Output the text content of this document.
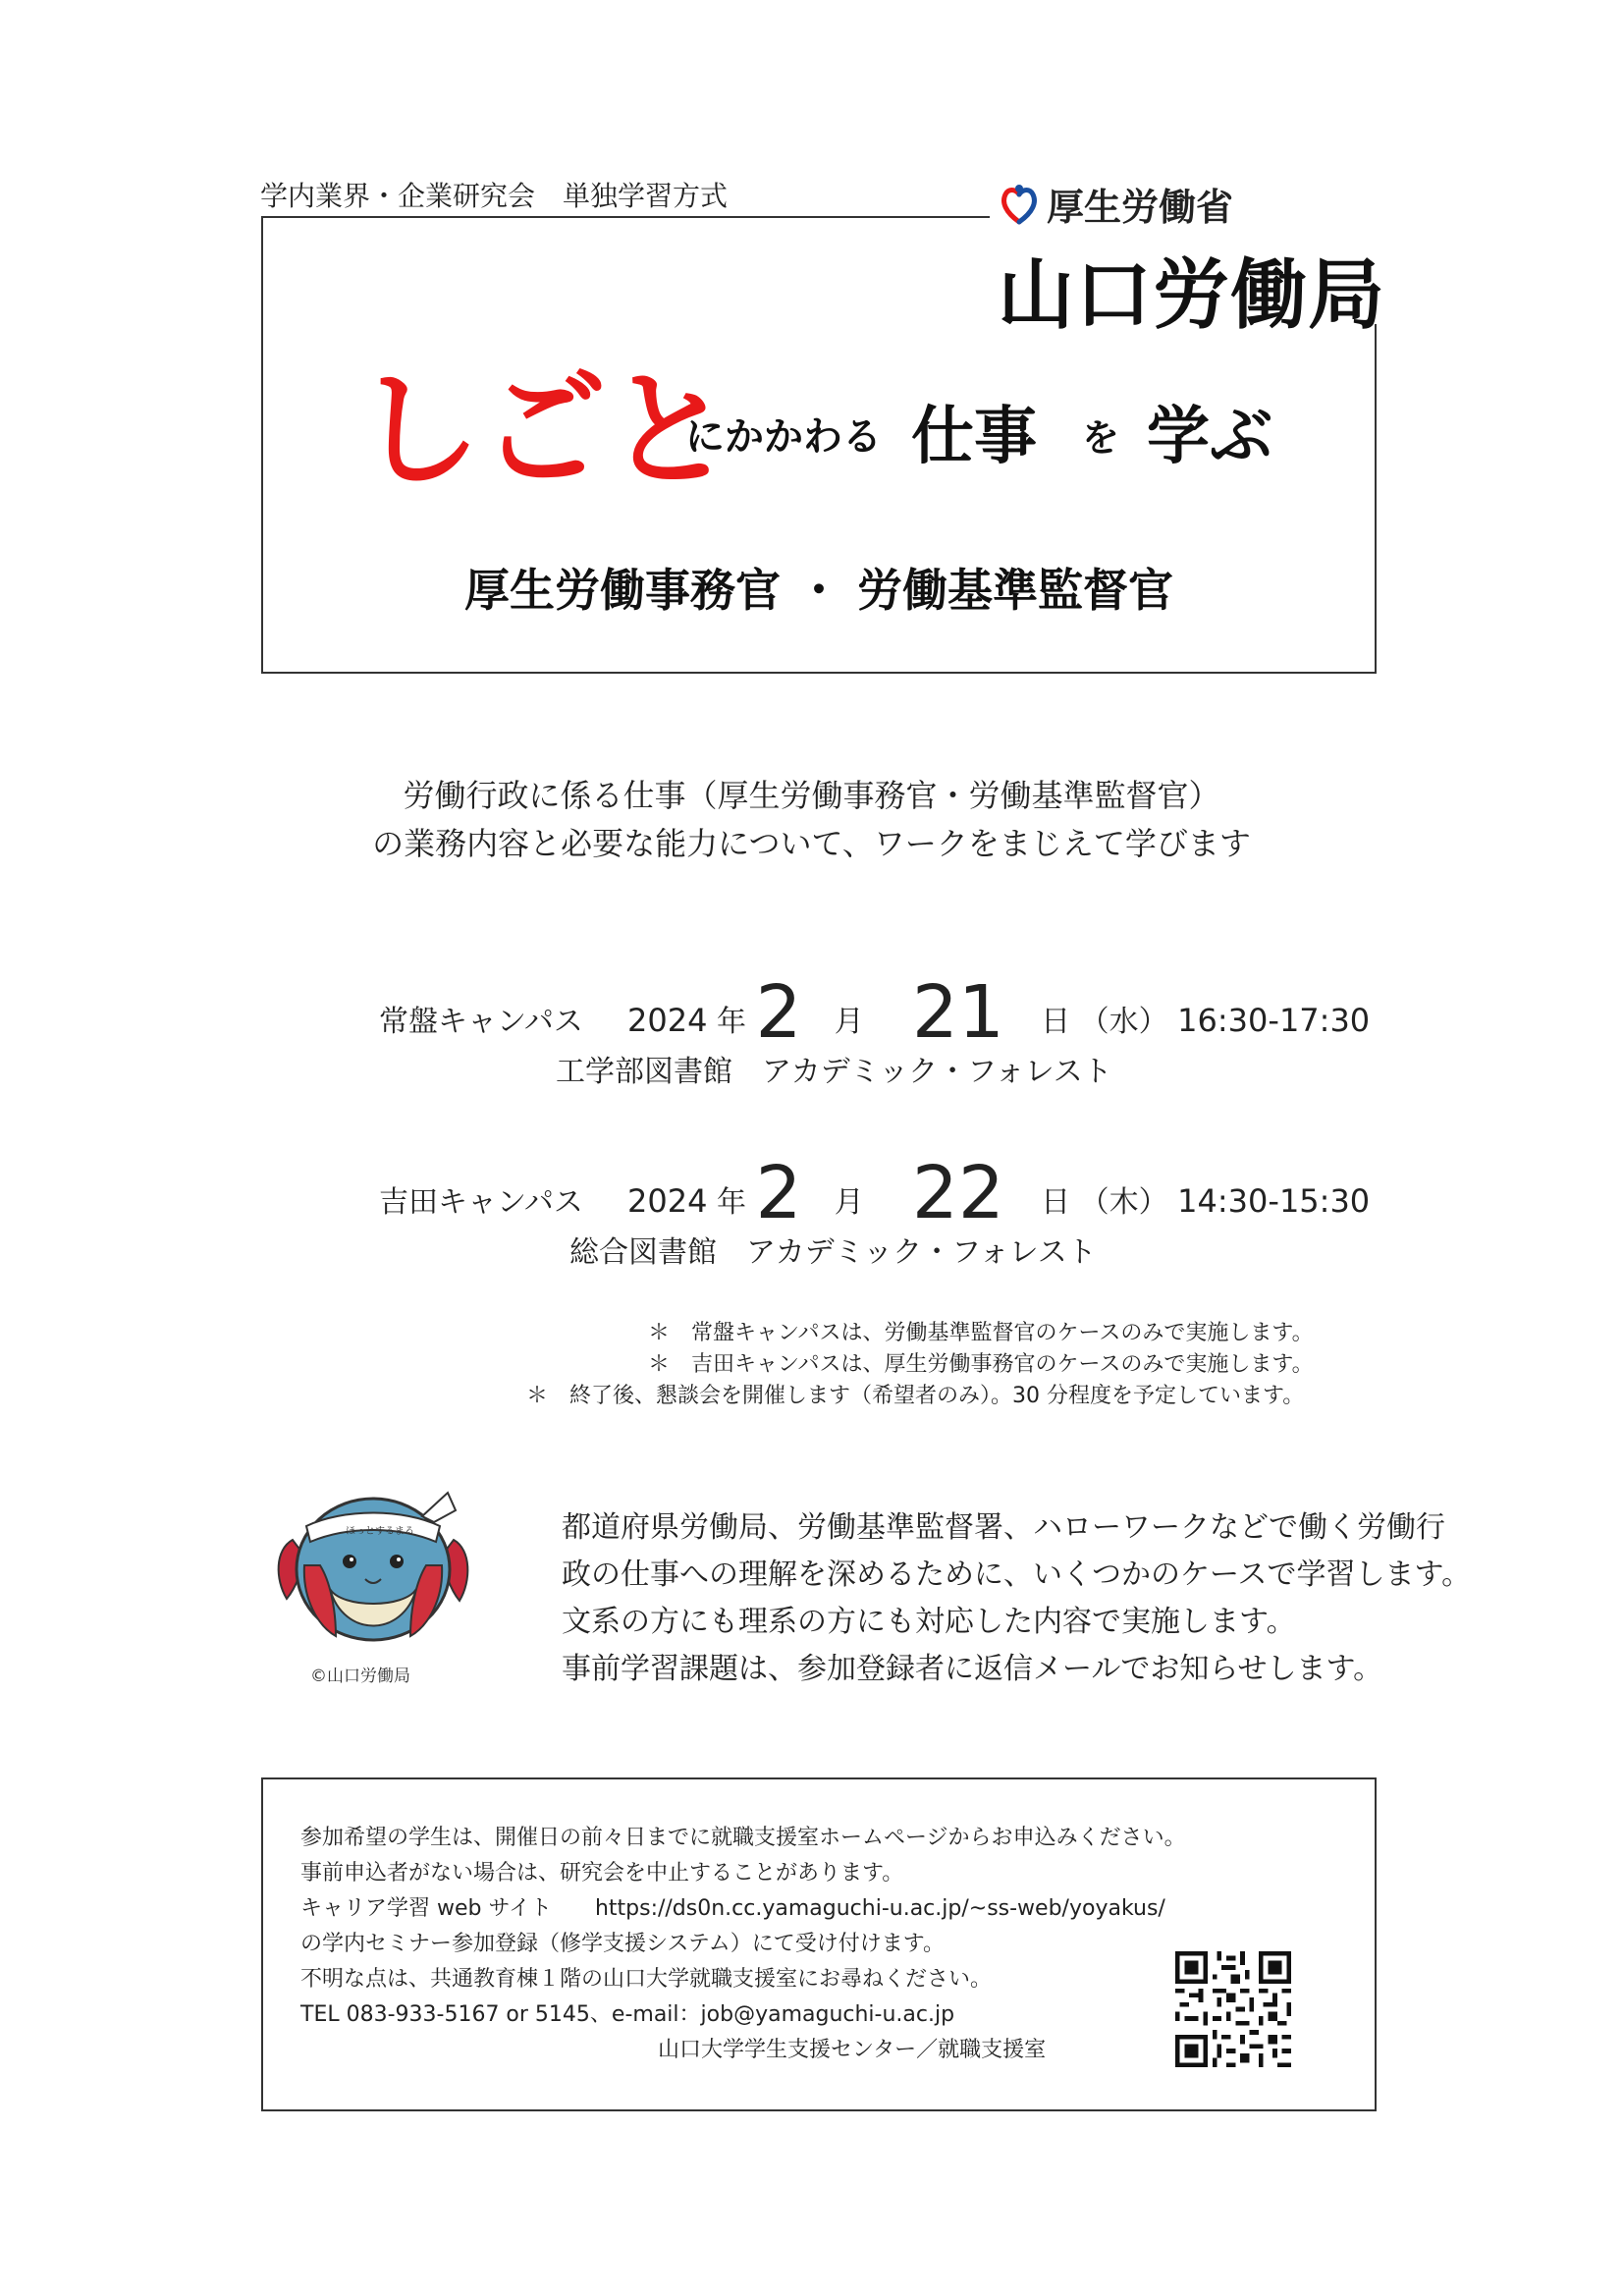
学内業界・企業研究会　単独学習方式	厚生労働省
山口労働局
しごと
にかかわる 仕事 を 学ぶ
厚生労働事務官 ・ 労働基準監督官
労働行政に係る仕事（厚生労働事務官・労働基準監督官）
の業務内容と必要な能力について、ワークをまじえて学びます
常盤キャンパス 2024 年 2 月 21 日 （水） 16:30-17:30
工学部図書館　アカデミック・フォレスト
吉田キャンパス 2024 年 2 月 22 日 （木） 14:30-15:30
総合図書館　アカデミック・フォレスト
＊　常盤キャンパスは、労働基準監督官のケースのみで実施します。
＊　吉田キャンパスは、厚生労働事務官のケースのみで実施します。
＊　終了後、懇談会を開催します（希望者のみ）。30 分程度を予定しています。
ほっとするまる
©山口労働局
都道府県労働局、労働基準監督署、ハローワークなどで働く労働行
政の仕事への理解を深めるために、いくつかのケースで学習します。
文系の方にも理系の方にも対応した内容で実施します。
事前学習課題は、参加登録者に返信メールでお知らせします。
参加希望の学生は、開催日の前々日までに就職支援室ホームページからお申込みください。
事前申込者がない場合は、研究会を中止することがあります。
キャリア学習 web サイト https://ds0n.cc.yamaguchi-u.ac.jp/~ss-web/yoyakus/
の学内セミナー参加登録（修学支援システム）にて受け付けます。
不明な点は、共通教育棟１階の山口大学就職支援室にお尋ねください。
TEL 083-933-5167 or 5145、e-mail：job@yamaguchi-u.ac.jp
山口大学学生支援センター／就職支援室
